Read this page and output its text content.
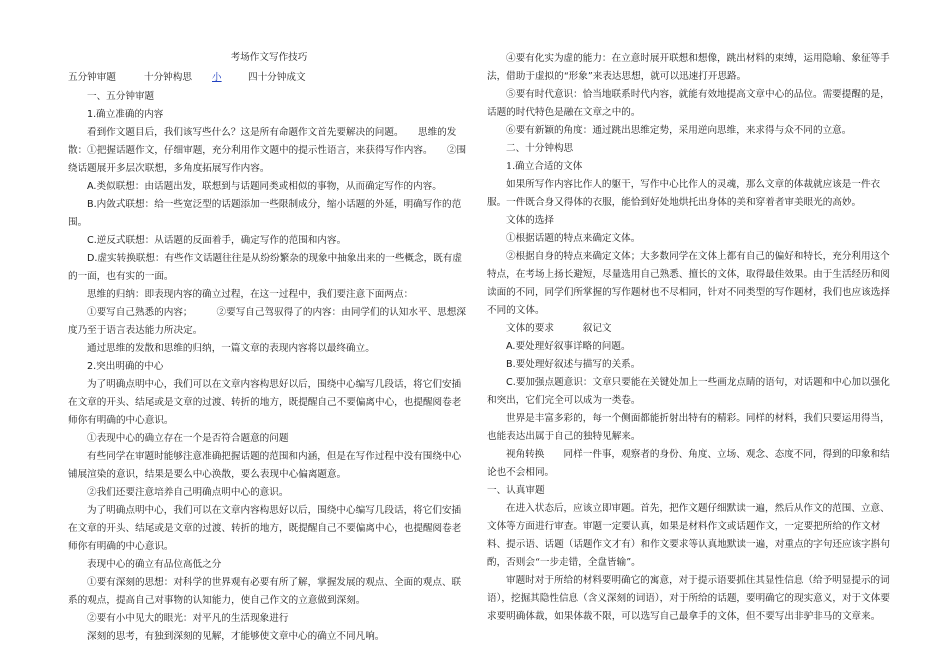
考场作文写作技巧

五分钟审题	十分钟构思	小	四十分钟成文

一、五分钟审题

1.确立准确的内容

看到作文题目后，我们该写些什么？这是所有命题作文首先要解决的问题。　　思维的发散：①把握话题作文，仔细审题，充分利用作文题中的提示性语言，来获得写作内容。　　②围绕话题展开多层次联想，多角度拓展写作内容。

A.类似联想：由话题出发，联想到与话题同类或相似的事物，从而确定写作的内容。

B.内敛式联想：给一些宽泛型的话题添加一些限制成分，缩小话题的外延，明确写作的范围。

C.逆反式联想：从话题的反面着手，确定写作的范围和内容。

D.虚实转换联想：有些作文话题往往是从纷纷繁杂的现象中抽象出来的一些概念，既有虚的一面，也有实的一面。

思维的归纳：即表现内容的确立过程，在这一过程中，我们要注意下面两点：

①要写自己熟悉的内容；　　　②要写自己驾驭得了的内容：由同学们的认知水平、思想深度乃至于语言表达能力所决定。

通过思维的发散和思维的归纳，一篇文章的表现内容将以最终确立。

2.突出明确的中心

为了明确点明中心，我们可以在文章内容构思好以后，围绕中心编写几段话，将它们安插在文章的开头、结尾或是文章的过渡、转折的地方，既提醒自己不要偏离中心，也提醒阅卷老师你有明确的中心意识。

①表现中心的确立存在一个是否符合题意的问题

有些同学在审题时能够注意准确把握话题的范围和内涵，但是在写作过程中没有围绕中心铺展渲染的意识，结果是要么中心涣散，要么表现中心偏离题意。

②我们还要注意培养自己明确点明中心的意识。

为了明确点明中心，我们可以在文章内容构思好以后，围绕中心编写几段话，将它们安插在文章的开头、结尾或是文章的过渡、转折的地方，既提醒自己不要偏离中心，也提醒阅卷老师你有明确的中心意识。

表现中心的确立有品位高低之分

①要有深刻的思想：对科学的世界观有必要有所了解，掌握发展的观点、全面的观点、联系的观点，提高自己对事物的认知能力，使自己作文的立意做到深刻。

②要有小中见大的眼光：对平凡的生活现象进行

深刻的思考，有独到深刻的见解，才能够使文章中心的确立不同凡响。

④要有化实为虚的能力：在立意时展开联想和想像，跳出材料的束缚，运用隐喻、象征等手法，借助于虚拟的“形象”来表达思想，就可以迅速打开思路。

⑤要有时代意识：恰当地联系时代内容，就能有效地提高文章中心的品位。需要提醒的是，话题的时代特色是融在文章之中的。

⑥要有新颖的角度：通过跳出思维定势，采用逆向思维，来求得与众不同的立意。

二、十分钟构思

1.确立合适的文体

如果所写作内容比作人的躯干，写作中心比作人的灵魂，那么文章的体裁就应该是一件衣服。一件既合身又得体的衣服，能恰到好处地烘托出身体的美和穿着者审美眼光的高妙。

文体的选择

①根据话题的特点来确定文体。

②根据自身的特点来确定文体；大多数同学在文体上都有自己的偏好和特长，充分利用这个特点，在考场上扬长避短，尽量选用自己熟悉、擅长的文体，取得最佳效果。由于生活经历和阅读面的不同，同学们所掌握的写作题材也不尽相同，针对不同类型的写作题材，我们也应该选择不同的文体。

文体的要求　　　叙记文

A.要处理好叙事详略的问题。

B.要处理好叙述与描写的关系。

C.要加强点题意识：文章只要能在关键处加上一些画龙点睛的语句，对话题和中心加以强化和突出，它们完全可以成为一类卷。

世界是丰富多彩的，每一个侧面都能折射出特有的精彩。同样的材料，我们只要运用得当，也能表达出属于自己的独特见解来。

视角转换　　同样一件事，观察者的身份、角度、立场、观念、态度不同，得到的印象和结论也不会相同。

一、认真审题

在进入状态后，应该立即审题。首先，把作文题仔细默读一遍，然后从作文的范围、立意、文体等方面进行审查。审题一定要认真，如果是材料作文或话题作文，一定要把所给的作文材料、提示语、话题（话题作文才有）和作文要求等认真地默读一遍，对重点的字句还应该字斟句酌，否则会“一步走错，全盘皆输”。

审题时对于所给的材料要明确它的寓意，对于提示语要抓住其显性信息（给予明显提示的词语），挖掘其隐性信息（含义深刻的词语），对于所给的话题，要明确它的现实意义，对于文体要求要明确体裁，如果体裁不限，可以选写自己最拿手的文体，但不要写出非驴非马的文章来。
